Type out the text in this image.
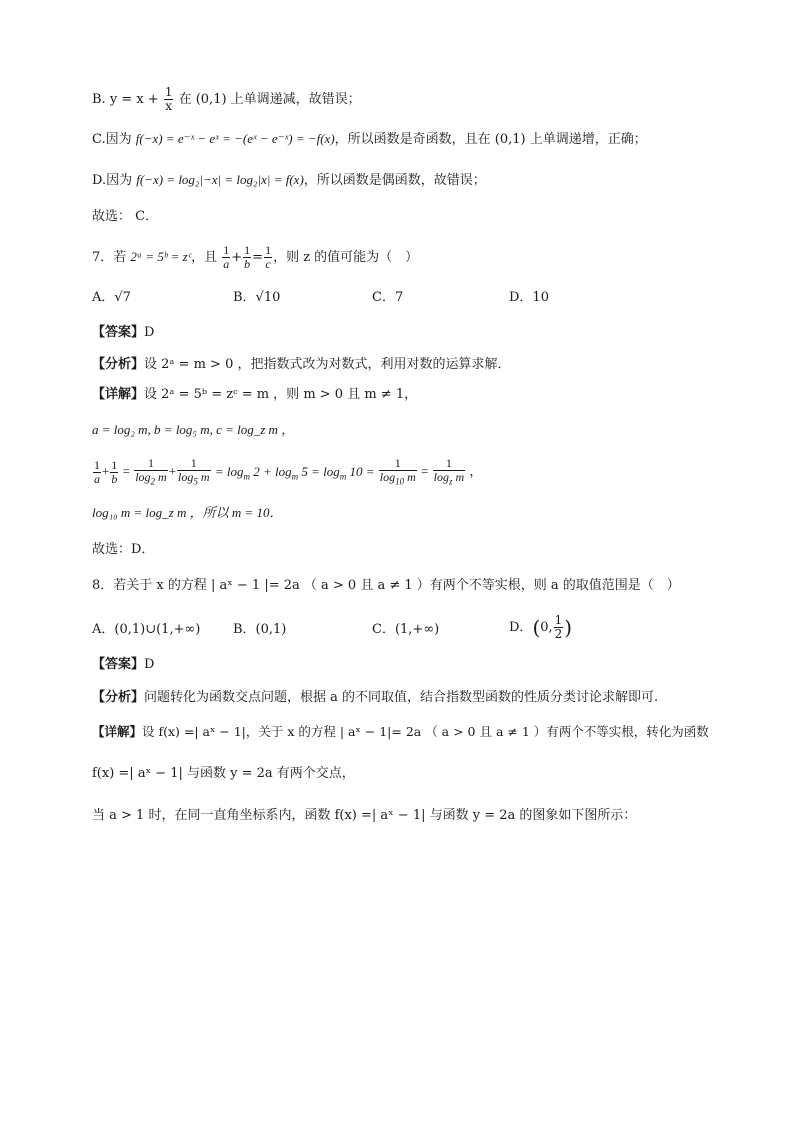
B. $y = x + \frac{1}{x}$ 在 (0,1) 上单调递减，故错误；
C.因为 f(−x) = e⁻ˣ − eˣ = −(eˣ − e⁻ˣ) = −f(x)，所以函数是奇函数，且在 (0,1) 上单调递增，正确；
D.因为 f(−x) = log₂|−x| = log₂|x| = f(x)，所以函数是偶函数，故错误；
故选： C．
7．若 2ᵃ = 5ᵇ = zᶜ，且 $\frac{1}{a} + \frac{1}{b} = \frac{1}{c}$ ，则 z 的值可能为（　）
A．√7	B．√10	C．7	D．10
【答案】D
【分析】设 2ᵃ = m > 0 ，把指数式改为对数式，利用对数的运算求解．
【详解】设 2ᵃ = 5ᵇ = zᶜ = m ，则 m > 0 且 m ≠ 1，
a = log₂ m, b = log₅ m, c = log_z m ，
$\frac{1}{a} + \frac{1}{b} = \frac{1}{\log_2 m} + \frac{1}{\log_5 m} = \log_m 2 + \log_m 5 = \log_m 10 = \frac{1}{\log_{10} m} = \frac{1}{\log_z m}$ ，
log₁₀ m = log_z m ，所以 m = 10．
故选：D．
8．若关于 x 的方程 | aˣ − 1 |= 2a （ a > 0 且 a ≠ 1 ）有两个不等实根，则 a 的取值范围是（　）
A．(0,1)∪(1,+∞)	B．(0,1)	C．(1,+∞)	D．(0, $\frac{1}{2}$ )
【答案】D
【分析】问题转化为函数交点问题，根据 a 的不同取值，结合指数型函数的性质分类讨论求解即可.
【详解】设 f(x) =| aˣ − 1|，关于 x 的方程 | aˣ − 1|= 2a （ a > 0 且 a ≠ 1 ）有两个不等实根，转化为函数
f(x) =| aˣ − 1| 与函数 y = 2a 有两个交点，
当 a > 1 时，在同一直角坐标系内，函数 f(x) =| aˣ − 1| 与函数 y = 2a 的图象如下图所示：
